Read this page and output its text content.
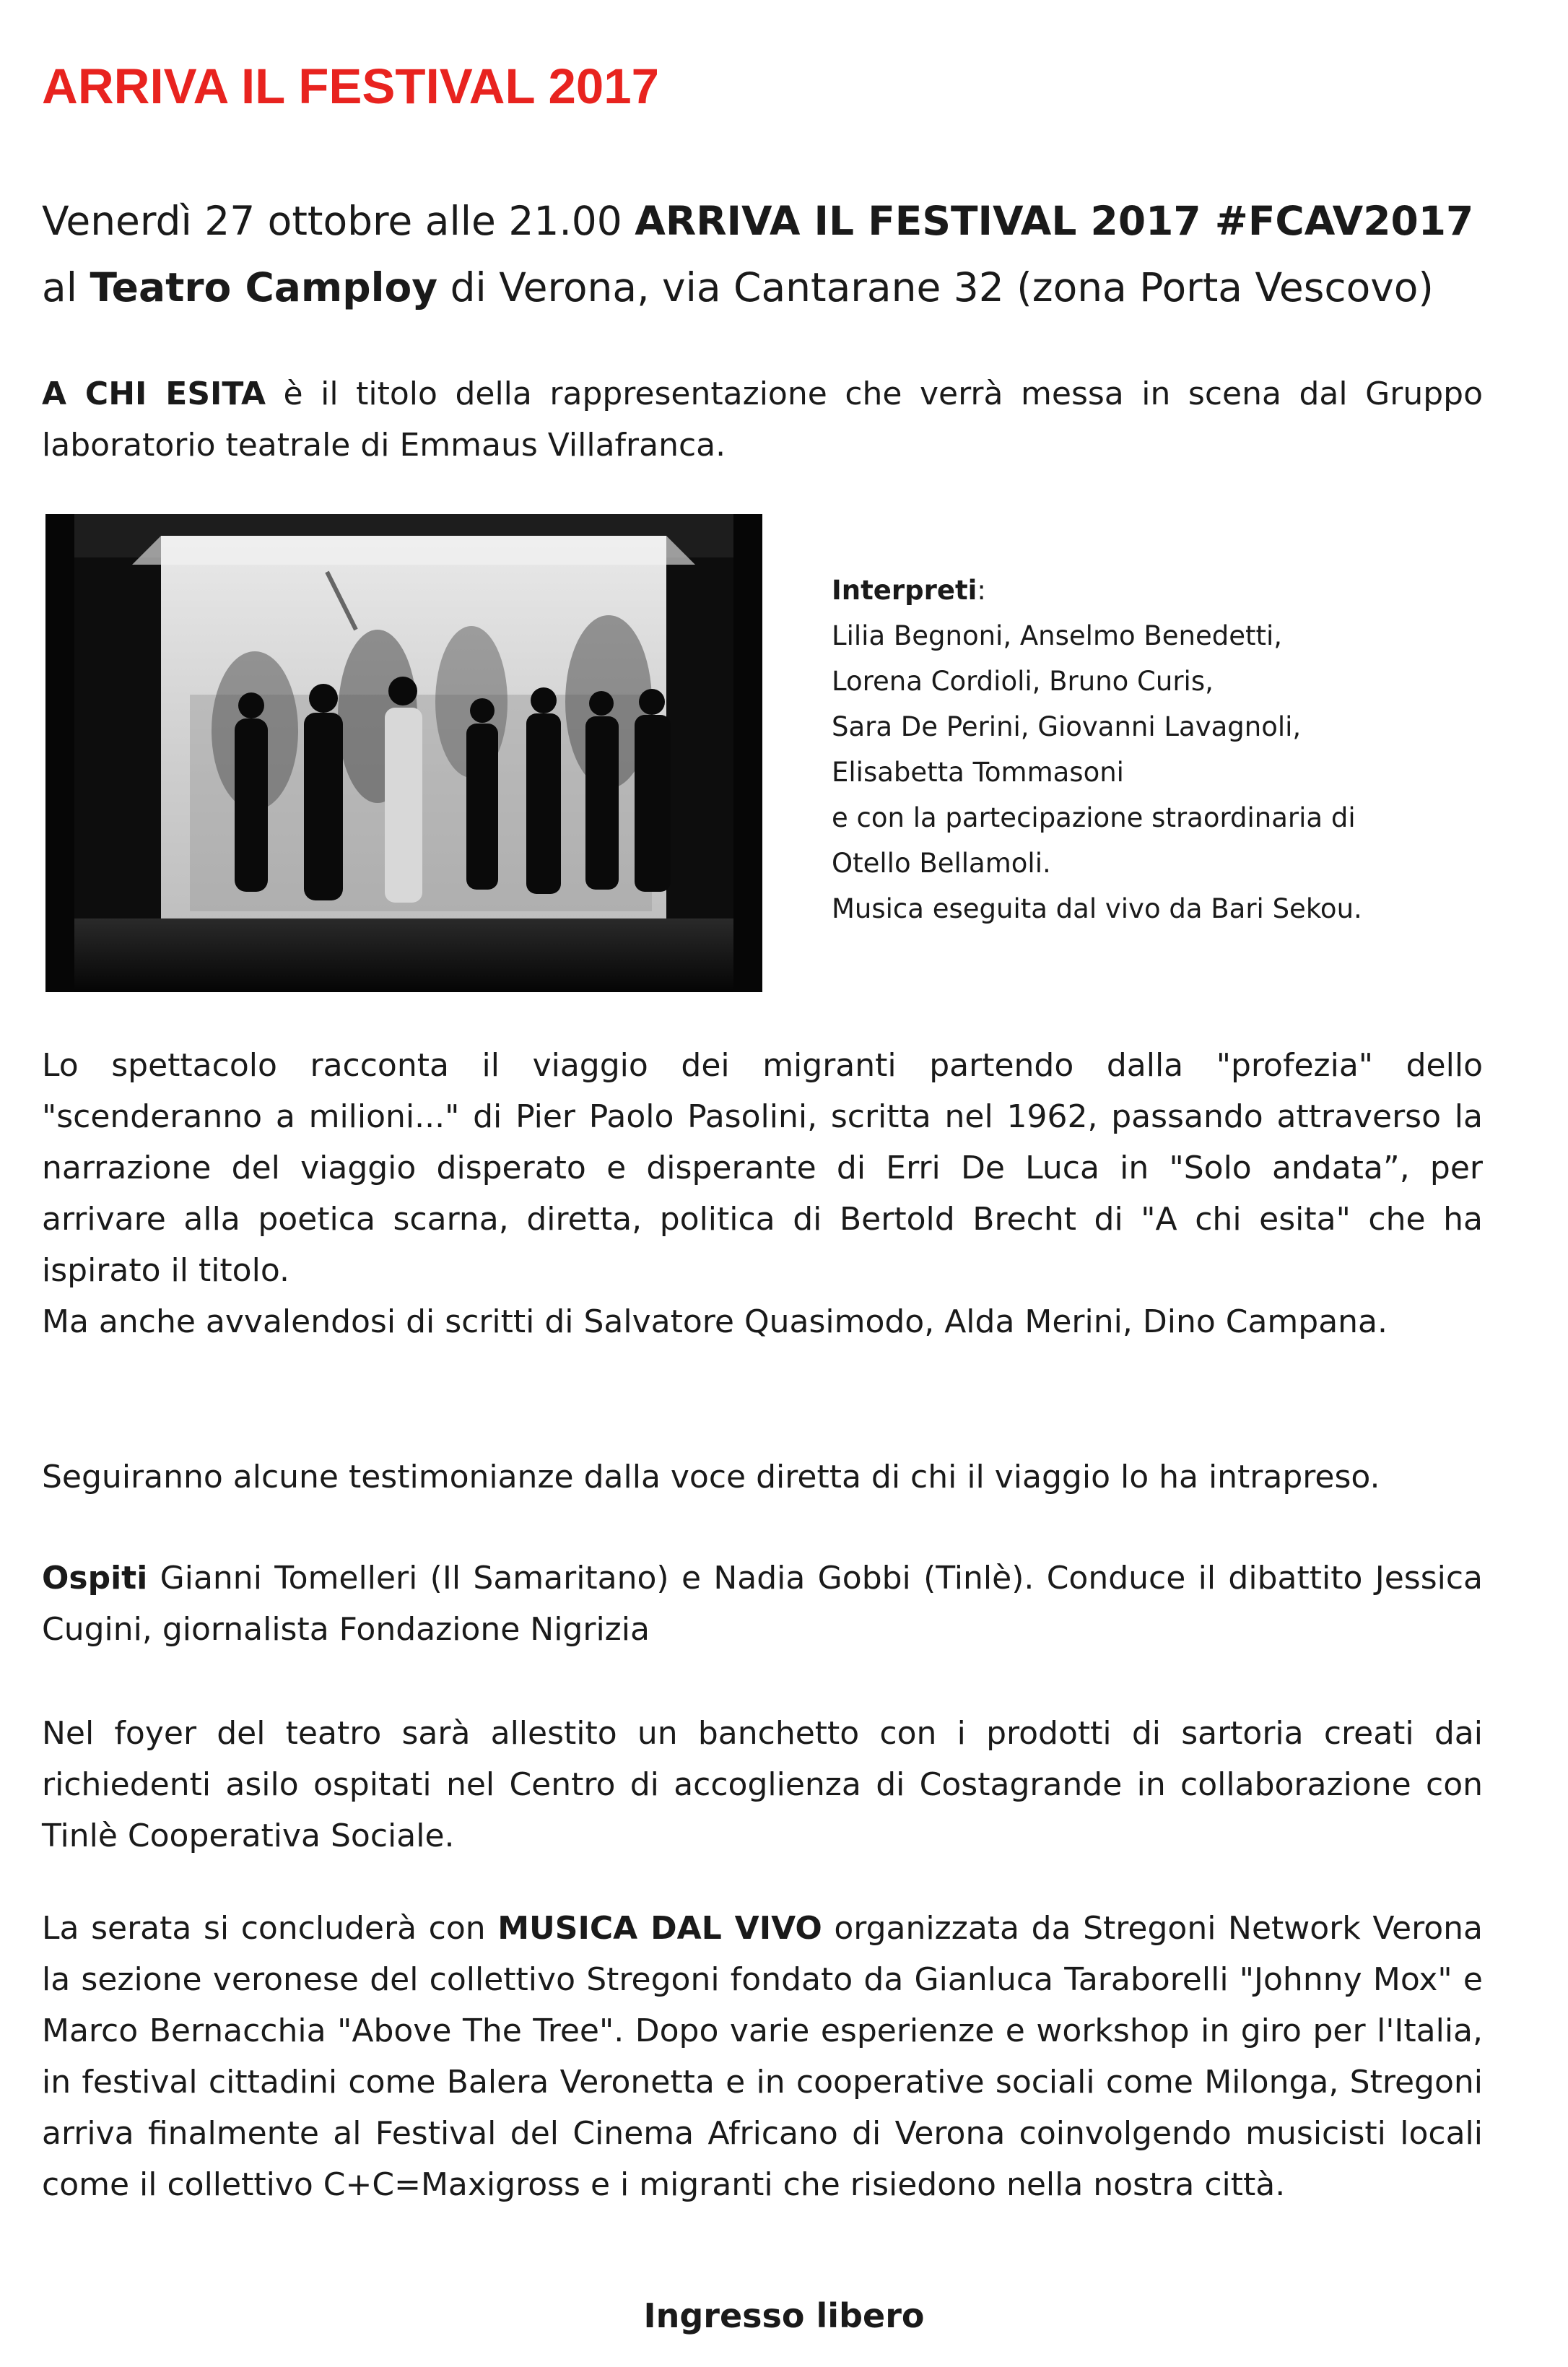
ARRIVA IL FESTIVAL 2017
Venerdì 27 ottobre alle 21.00 ARRIVA IL FESTIVAL 2017 #FCAV2017
al Teatro Camploy di Verona, via Cantarane 32 (zona Porta Vescovo)
A CHI ESITA è il titolo della rappresentazione che verrà messa in scena dal Gruppo laboratorio teatrale di Emmaus Villafranca.
Interpreti:
Lilia Begnoni, Anselmo Benedetti,
Lorena Cordioli, Bruno Curis,
Sara De Perini, Giovanni Lavagnoli,
Elisabetta Tommasoni
e con la partecipazione straordinaria di
Otello Bellamoli.
Musica eseguita dal vivo da Bari Sekou.
Lo spettacolo racconta il viaggio dei migranti partendo dalla "profezia" dello "scenderanno a milioni..." di Pier Paolo Pasolini, scritta nel 1962, passando attraverso la narrazione del viaggio disperato e disperante di Erri De Luca in "Solo andata”, per arrivare alla poetica scarna, diretta, politica di Bertold Brecht di "A chi esita" che ha ispirato il titolo.
Ma anche avvalendosi di scritti di Salvatore Quasimodo, Alda Merini, Dino Campana.
Seguiranno alcune testimonianze dalla voce diretta di chi il viaggio lo ha intrapreso.
Ospiti Gianni Tomelleri (Il Samaritano) e Nadia Gobbi (Tinlè). Conduce il dibattito Jessica Cugini, giornalista Fondazione Nigrizia
Nel foyer del teatro sarà allestito un banchetto con i prodotti di sartoria creati dai richiedenti asilo ospitati nel Centro di accoglienza di Costagrande in collaborazione con Tinlè Cooperativa Sociale.
La serata si concluderà con MUSICA DAL VIVO organizzata da Stregoni Network Verona la sezione veronese del collettivo Stregoni fondato da Gianluca Taraborelli "Johnny Mox" e Marco Bernacchia "Above The Tree". Dopo varie esperienze e workshop in giro per l'Italia, in festival cittadini come Balera Veronetta e in cooperative sociali come Milonga, Stregoni arriva finalmente al Festival del Cinema Africano di Verona coinvolgendo musicisti locali come il collettivo C+C=Maxigross e i migranti che risiedono nella nostra città.
Ingresso libero
